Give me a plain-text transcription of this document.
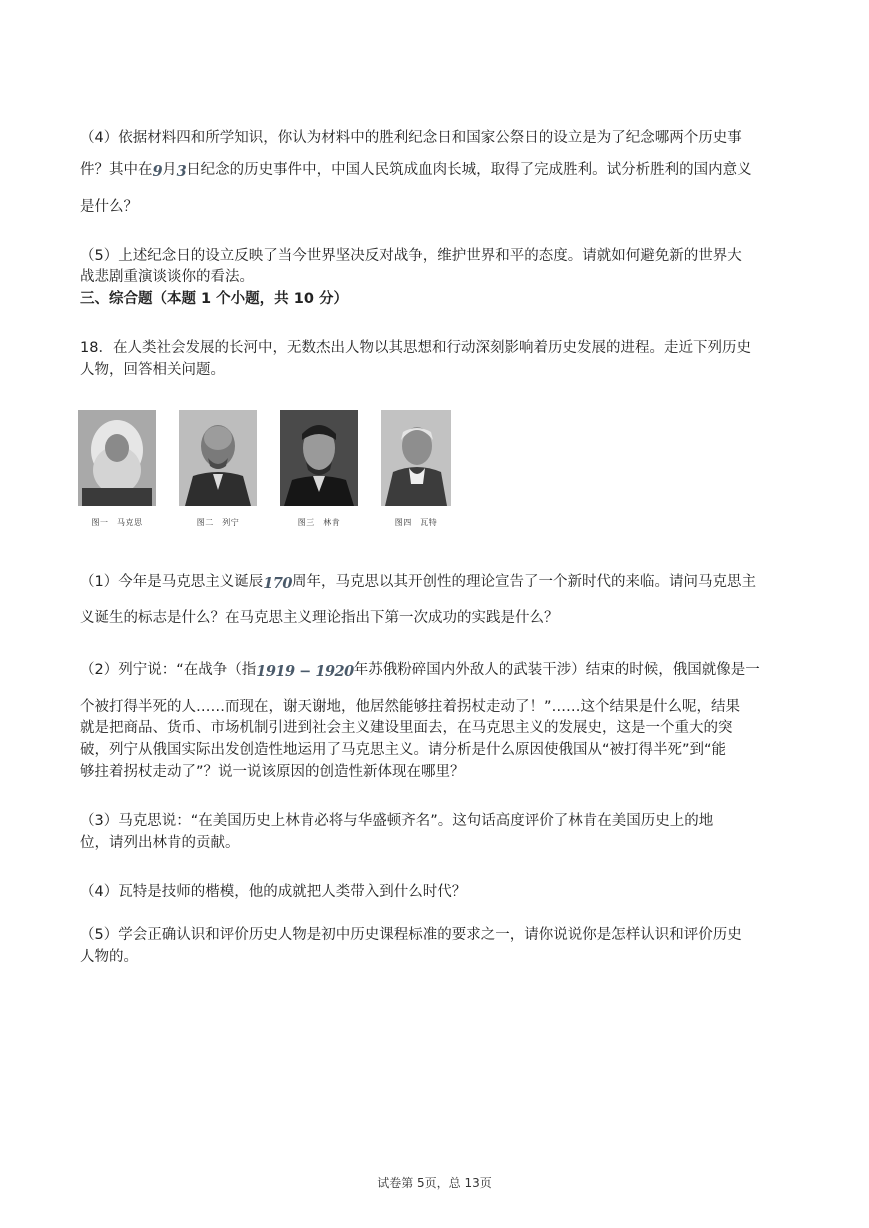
（4）依据材料四和所学知识，你认为材料中的胜利纪念日和国家公祭日的设立是为了纪念哪两个历史事

件？其中在9月3日纪念的历史事件中，中国人民筑成血肉长城，取得了完成胜利。试分析胜利的国内意义

是什么？

（5）上述纪念日的设立反映了当今世界坚决反对战争，维护世界和平的态度。请就如何避免新的世界大

战悲剧重演谈谈你的看法。

三、综合题（本题 1 个小题，共 10 分）

18．在人类社会发展的长河中，无数杰出人物以其思想和行动深刻影响着历史发展的进程。走近下列历史

人物，回答相关问题。

图一　马克思	图二　列宁	图三　林肯	图四　瓦特

（1）今年是马克思主义诞辰170周年，马克思以其开创性的理论宣告了一个新时代的来临。请问马克思主

义诞生的标志是什么？在马克思主义理论指出下第一次成功的实践是什么？

（2）列宁说：“在战争（指1919 − 1920年苏俄粉碎国内外敌人的武装干涉）结束的时候，俄国就像是一

个被打得半死的人……而现在，谢天谢地，他居然能够拄着拐杖走动了！”……这个结果是什么呢，结果

就是把商品、货币、市场机制引进到社会主义建设里面去，在马克思主义的发展史，这是一个重大的突

破，列宁从俄国实际出发创造性地运用了马克思主义。请分析是什么原因使俄国从“被打得半死”到“能

够拄着拐杖走动了”？说一说该原因的创造性新体现在哪里？

（3）马克思说：“在美国历史上林肯必将与华盛顿齐名”。这句话高度评价了林肯在美国历史上的地

位，请列出林肯的贡献。

（4）瓦特是技师的楷模，他的成就把人类带入到什么时代？

（5）学会正确认识和评价历史人物是初中历史课程标准的要求之一，请你说说你是怎样认识和评价历史

人物的。

试卷第 5页，总 13页
